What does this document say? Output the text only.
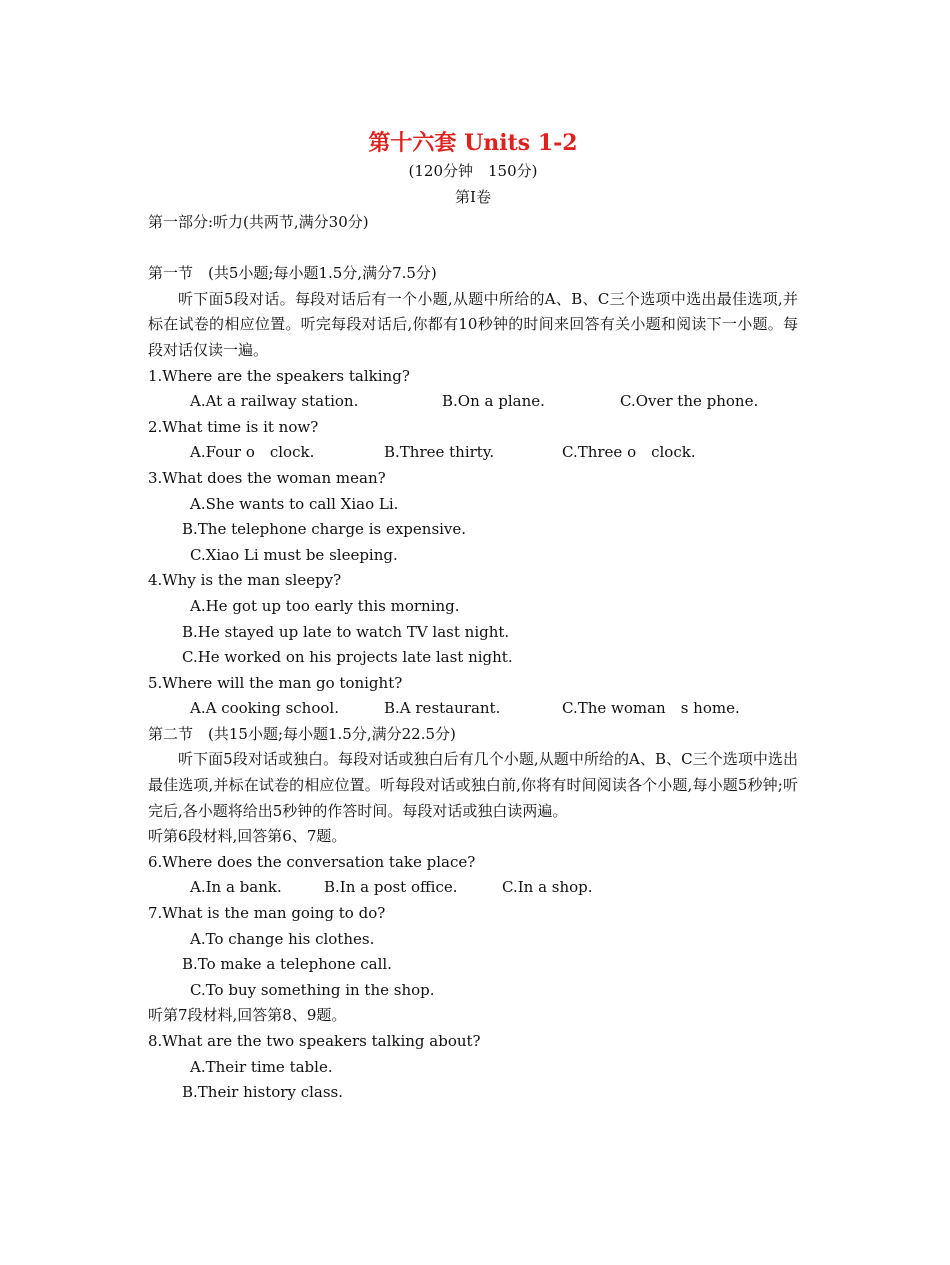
第十六套 Units 1-2
(120分钟　150分)
第Ⅰ卷
第一部分:听力(共两节,满分30分)
第一节　(共5小题;每小题1.5分,满分7.5分)
听下面5段对话。每段对话后有一个小题,从题中所给的A、B、C三个选项中选出最佳选项,并标在试卷的相应位置。听完每段对话后,你都有10秒钟的时间来回答有关小题和阅读下一小题。每段对话仅读一遍。
1.Where are the speakers talking?
A.At a railway station.	B.On a plane.	C.Over the phone.
2.What time is it now?
A.Four o　clock.	B.Three thirty.	C.Three o　clock.
3.What does the woman mean?
A.She wants to call Xiao Li.
B.The telephone charge is expensive.
C.Xiao Li must be sleeping.
4.Why is the man sleepy?
A.He got up too early this morning.
B.He stayed up late to watch TV last night.
C.He worked on his projects late last night.
5.Where will the man go tonight?
A.A cooking school.	B.A restaurant.	C.The woman　s home.
第二节　(共15小题;每小题1.5分,满分22.5分)
听下面5段对话或独白。每段对话或独白后有几个小题,从题中所给的A、B、C三个选项中选出最佳选项,并标在试卷的相应位置。听每段对话或独白前,你将有时间阅读各个小题,每小题5秒钟;听完后,各小题将给出5秒钟的作答时间。每段对话或独白读两遍。
听第6段材料,回答第6、7题。
6.Where does the conversation take place?
A.In a bank.	B.In a post office.	C.In a shop.
7.What is the man going to do?
A.To change his clothes.
B.To make a telephone call.
C.To buy something in the shop.
听第7段材料,回答第8、9题。
8.What are the two speakers talking about?
A.Their time table.
B.Their history class.
